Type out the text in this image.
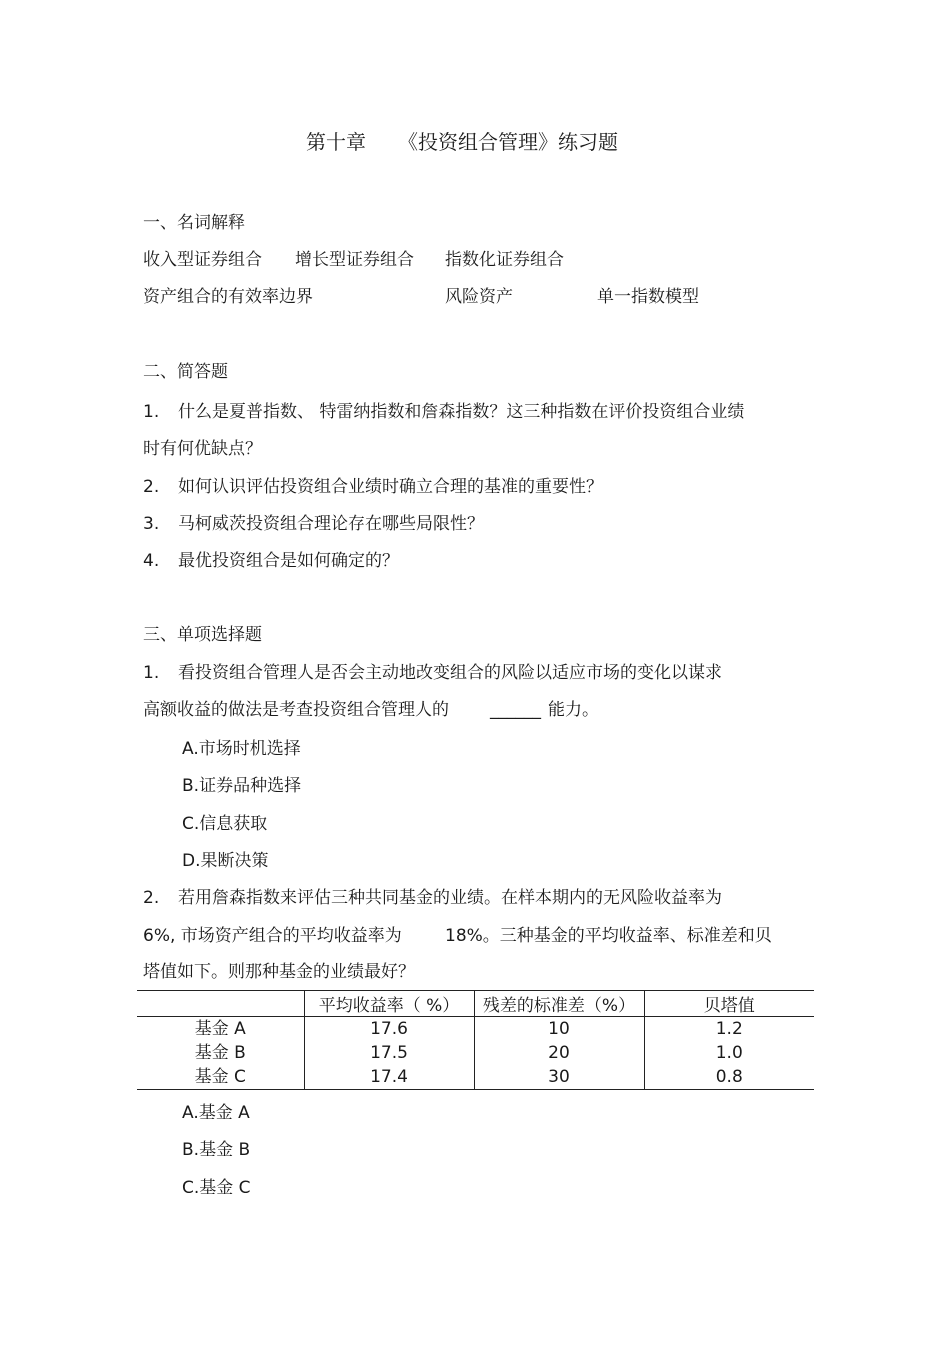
第十章 《投资组合管理》练习题
一、名词解释
收入型证券组合 增长型证券组合 指数化证券组合
资产组合的有效率边界	风险资产	单一指数模型
二、简答题
1. 什么是夏普指数、 特雷纳指数和詹森指数？这三种指数在评价投资组合业绩
时有何优缺点？
2. 如何认识评估投资组合业绩时确立合理的基准的重要性？
3. 马柯威茨投资组合理论存在哪些局限性？
4. 最优投资组合是如何确定的？
三、单项选择题
1. 看投资组合管理人是否会主动地改变组合的风险以适应市场的变化以谋求
高额收益的做法是考查投资组合管理人的 ______ 能力。
A.市场时机选择
B.证券品种选择
C.信息获取
D.果断决策
2. 若用詹森指数来评估三种共同基金的业绩。在样本期内的无风险收益率为
6%, 市场资产组合的平均收益率为	18%。三种基金的平均收益率、标准差和贝
塔值如下。则那种基金的业绩最好？
	平均收益率（ %）	残差的标准差（%）	贝塔值
基金 A	17.6	10	1.2
基金 B	17.5	20	1.0
基金 C	17.4	30	0.8
A.基金 A
B.基金 B
C.基金 C
